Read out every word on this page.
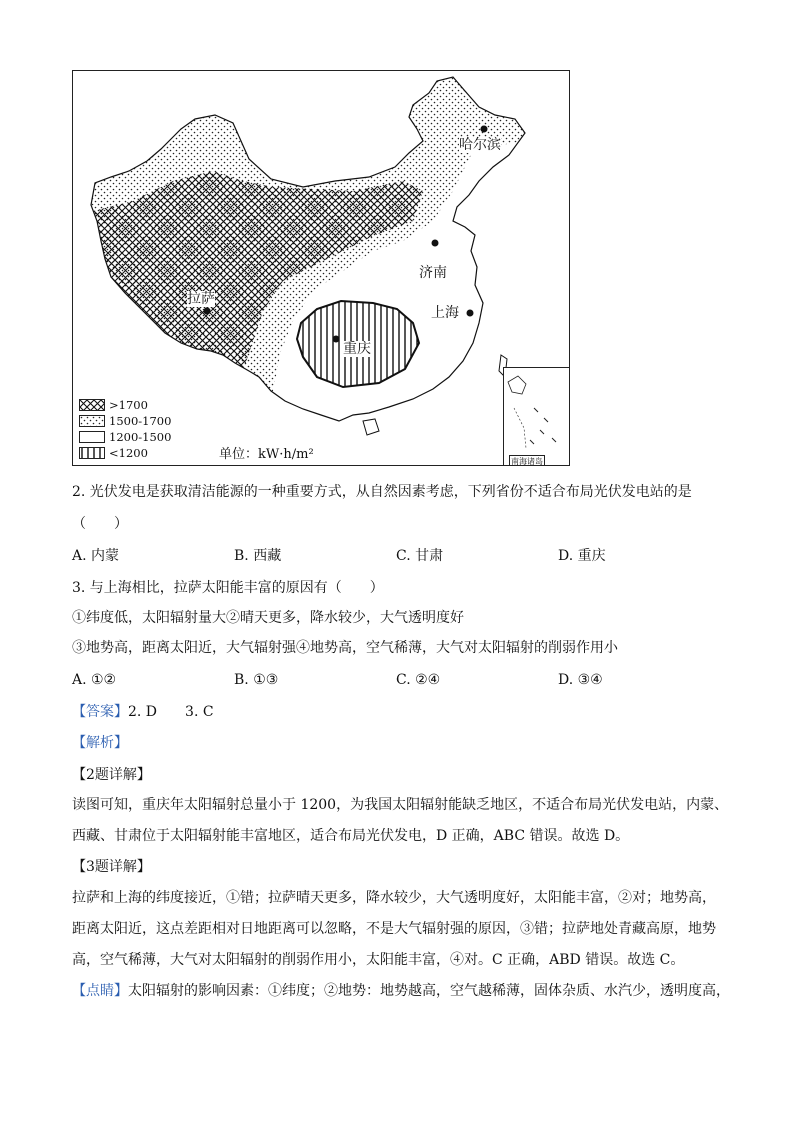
哈尔滨
济南
上海
拉萨
重庆
南海诸岛
>1700
1500-1700
1200-1500
<1200	单位：kW·h/m²
2. 光伏发电是获取清洁能源的一种重要方式，从自然因素考虑，下列省份不适合布局光伏发电站的是
（　　）
A. 内蒙	B. 西藏	C. 甘肃	D. 重庆
3. 与上海相比，拉萨太阳能丰富的原因有（　　）
①纬度低，太阳辐射量大②晴天更多，降水较少，大气透明度好
③地势高，距离太阳近，大气辐射强④地势高，空气稀薄，大气对太阳辐射的削弱作用小
A. ①②	B. ①③	C. ②④	D. ③④
【答案】2. D　　3. C
【解析】
【2题详解】
读图可知，重庆年太阳辐射总量小于 1200，为我国太阳辐射能缺乏地区，不适合布局光伏发电站，内蒙、
西藏、甘肃位于太阳辐射能丰富地区，适合布局光伏发电，D 正确，ABC 错误。故选 D。
【3题详解】
拉萨和上海的纬度接近，①错；拉萨晴天更多，降水较少，大气透明度好，太阳能丰富，②对；地势高，
距离太阳近，这点差距相对日地距离可以忽略，不是大气辐射强的原因，③错；拉萨地处青藏高原，地势
高，空气稀薄，大气对太阳辐射的削弱作用小，太阳能丰富，④对。C 正确，ABD 错误。故选 C。
【点睛】太阳辐射的影响因素：①纬度；②地势：地势越高，空气越稀薄，固体杂质、水汽少，透明度高，
